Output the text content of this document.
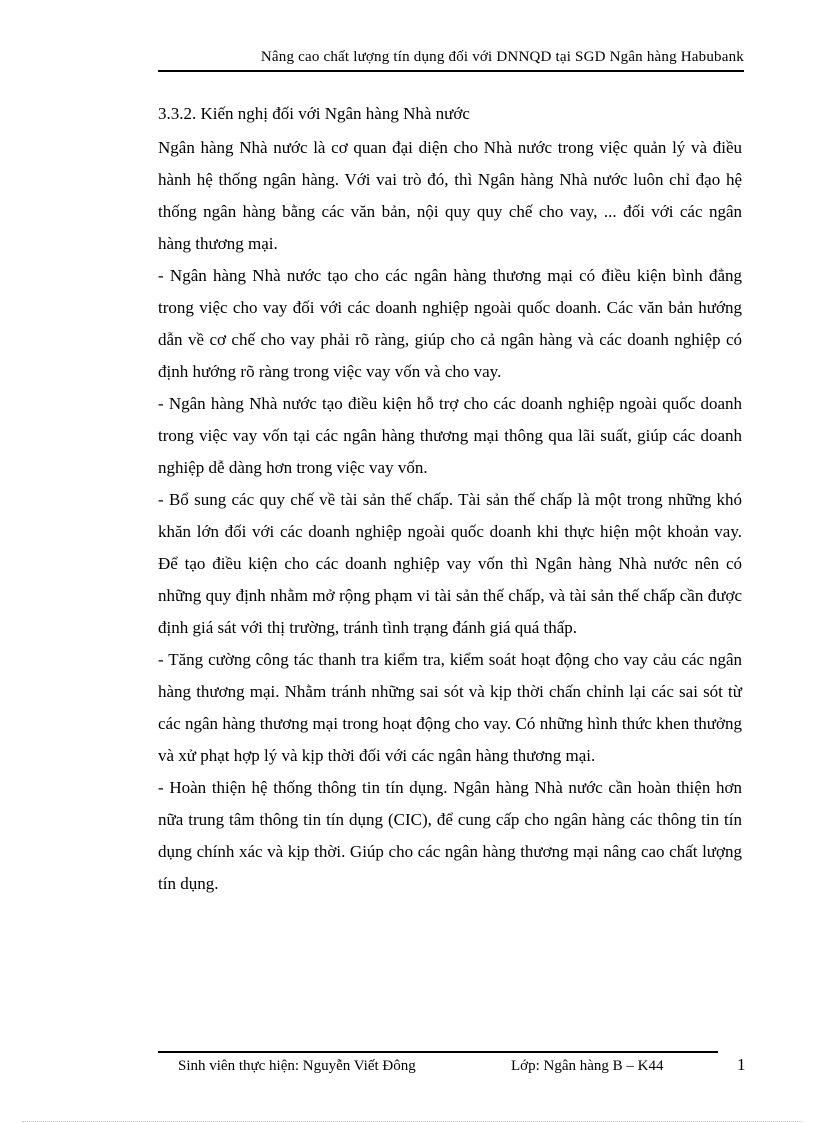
Nâng cao chất lượng tín dụng đối với DNNQD tại SGD Ngân hàng Habubank
3.3.2. Kiến nghị đối với Ngân hàng Nhà nước

Ngân hàng Nhà nước là cơ quan đại diện cho Nhà nước trong việc quản lý và điều hành hệ thống ngân hàng. Với vai trò đó, thì Ngân hàng Nhà nước luôn chỉ đạo hệ thống ngân hàng bằng các văn bản, nội quy quy chế cho vay, ... đối với các ngân hàng thương mại.

- Ngân hàng Nhà nước tạo cho các ngân hàng thương mại có điều kiện bình đẳng trong việc cho vay đối với các doanh nghiệp ngoài quốc doanh. Các văn bản hướng dẫn về cơ chế cho vay phải rõ ràng, giúp cho cả ngân hàng và các doanh nghiệp có định hướng rõ ràng trong việc vay vốn và cho vay.

- Ngân hàng Nhà nước tạo điều kiện hỗ trợ cho các doanh nghiệp ngoài quốc doanh trong việc vay vốn tại các ngân hàng thương mại thông qua lãi suất, giúp các doanh nghiệp dễ dàng hơn trong việc vay vốn.

- Bổ sung các quy chế về tài sản thế chấp. Tài sản thế chấp là một trong những khó khăn lớn đối với các doanh nghiệp ngoài quốc doanh khi thực hiện một khoản vay. Để tạo điều kiện cho các doanh nghiệp vay vốn thì Ngân hàng Nhà nước nên có những quy định nhằm mở rộng phạm vi tài sản thế chấp, và tài sản thế chấp cần được định giá sát với thị trường, tránh tình trạng đánh giá quá thấp.

- Tăng cường công tác thanh tra kiểm tra, kiểm soát hoạt động cho vay cảu các ngân hàng thương mại. Nhằm tránh những sai sót và kịp thời chấn chỉnh lại các sai sót từ các ngân hàng thương mại trong hoạt động cho vay. Có những hình thức khen thưởng và xử phạt hợp lý và kịp thời đối với các ngân hàng thương mại.

- Hoàn thiện hệ thống thông tin tín dụng. Ngân hàng Nhà nước cần hoàn thiện hơn nữa trung tâm thông tin tín dụng (CIC), để cung cấp cho ngân hàng các thông tin tín dụng chính xác và kịp thời. Giúp cho các ngân hàng thương mại nâng cao chất lượng tín dụng.

Sinh viên thực hiện: Nguyễn Viết Đông	Lớp: Ngân hàng B – K44	1
